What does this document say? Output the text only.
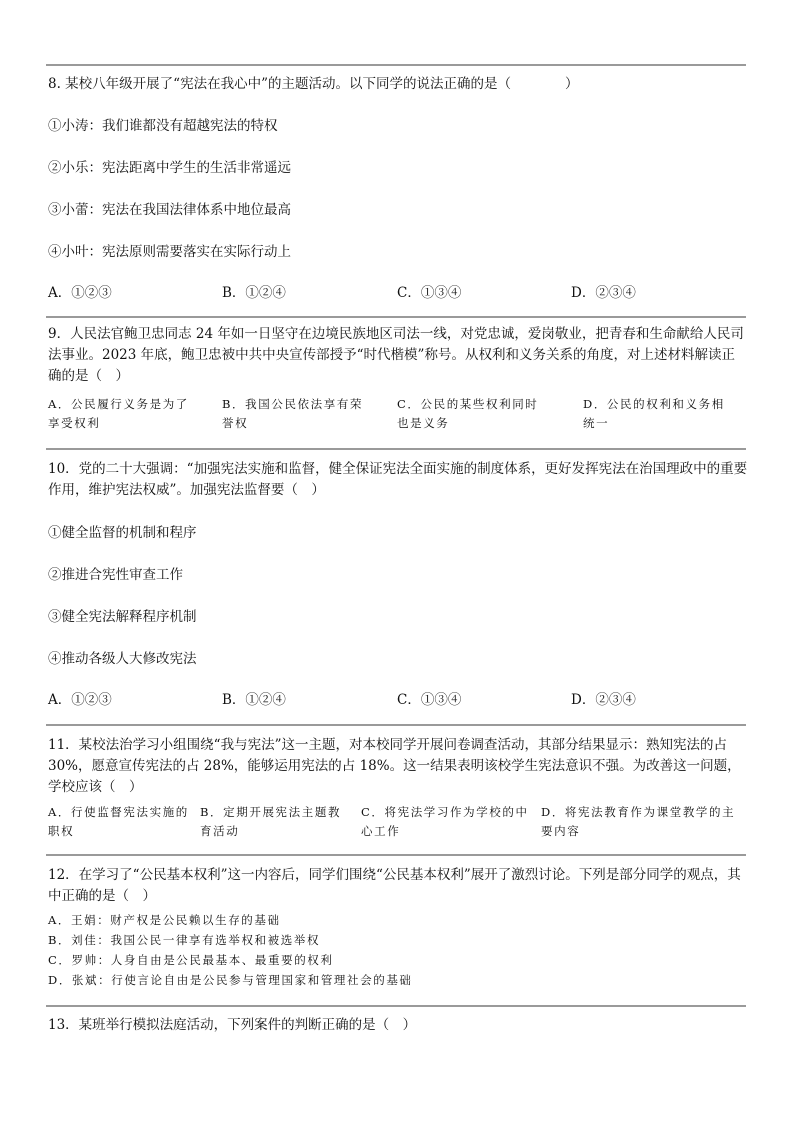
8. 某校八年级开展了“宪法在我心中”的主题活动。以下同学的说法正确的是（　　　　）
①小涛：我们谁都没有超越宪法的特权
②小乐：宪法距离中学生的生活非常遥远
③小蕾：宪法在我国法律体系中地位最高
④小叶：宪法原则需要落实在实际行动上
A．①②③	B．①②④	C．①③④	D．②③④
9．人民法官鲍卫忠同志 24 年如一日坚守在边境民族地区司法一线，对党忠诚，爱岗敬业，把青春和生命献给人民司法事业。2023 年底，鲍卫忠被中共中央宣传部授予“时代楷模”称号。从权利和义务关系的角度，对上述材料解读正确的是（　）
A．公民履行义务是为了享受权利
B．我国公民依法享有荣誉权
C．公民的某些权利同时也是义务
D．公民的权利和义务相统一
10．党的二十大强调：“加强宪法实施和监督，健全保证宪法全面实施的制度体系，更好发挥宪法在治国理政中的重要作用，维护宪法权威”。加强宪法监督要（　）
①健全监督的机制和程序
②推进合宪性审查工作
③健全宪法解释程序机制
④推动各级人大修改宪法
A．①②③	B．①②④	C．①③④	D．②③④
11．某校法治学习小组围绕“我与宪法”这一主题，对本校同学开展问卷调查活动，其部分结果显示：熟知宪法的占 30%，愿意宣传宪法的占 28%，能够运用宪法的占 18%。这一结果表明该校学生宪法意识不强。为改善这一问题，学校应该（　）
A．行使监督宪法实施的职权
B．定期开展宪法主题教育活动
C．将宪法学习作为学校的中心工作
D．将宪法教育作为课堂教学的主要内容
12．在学习了“公民基本权利”这一内容后，同学们围绕“公民基本权利”展开了激烈讨论。下列是部分同学的观点，其中正确的是（　）
A．王娟：财产权是公民赖以生存的基础
B．刘佳：我国公民一律享有选举权和被选举权
C．罗帅：人身自由是公民最基本、最重要的权利
D．张斌：行使言论自由是公民参与管理国家和管理社会的基础
13．某班举行模拟法庭活动，下列案件的判断正确的是（　）
